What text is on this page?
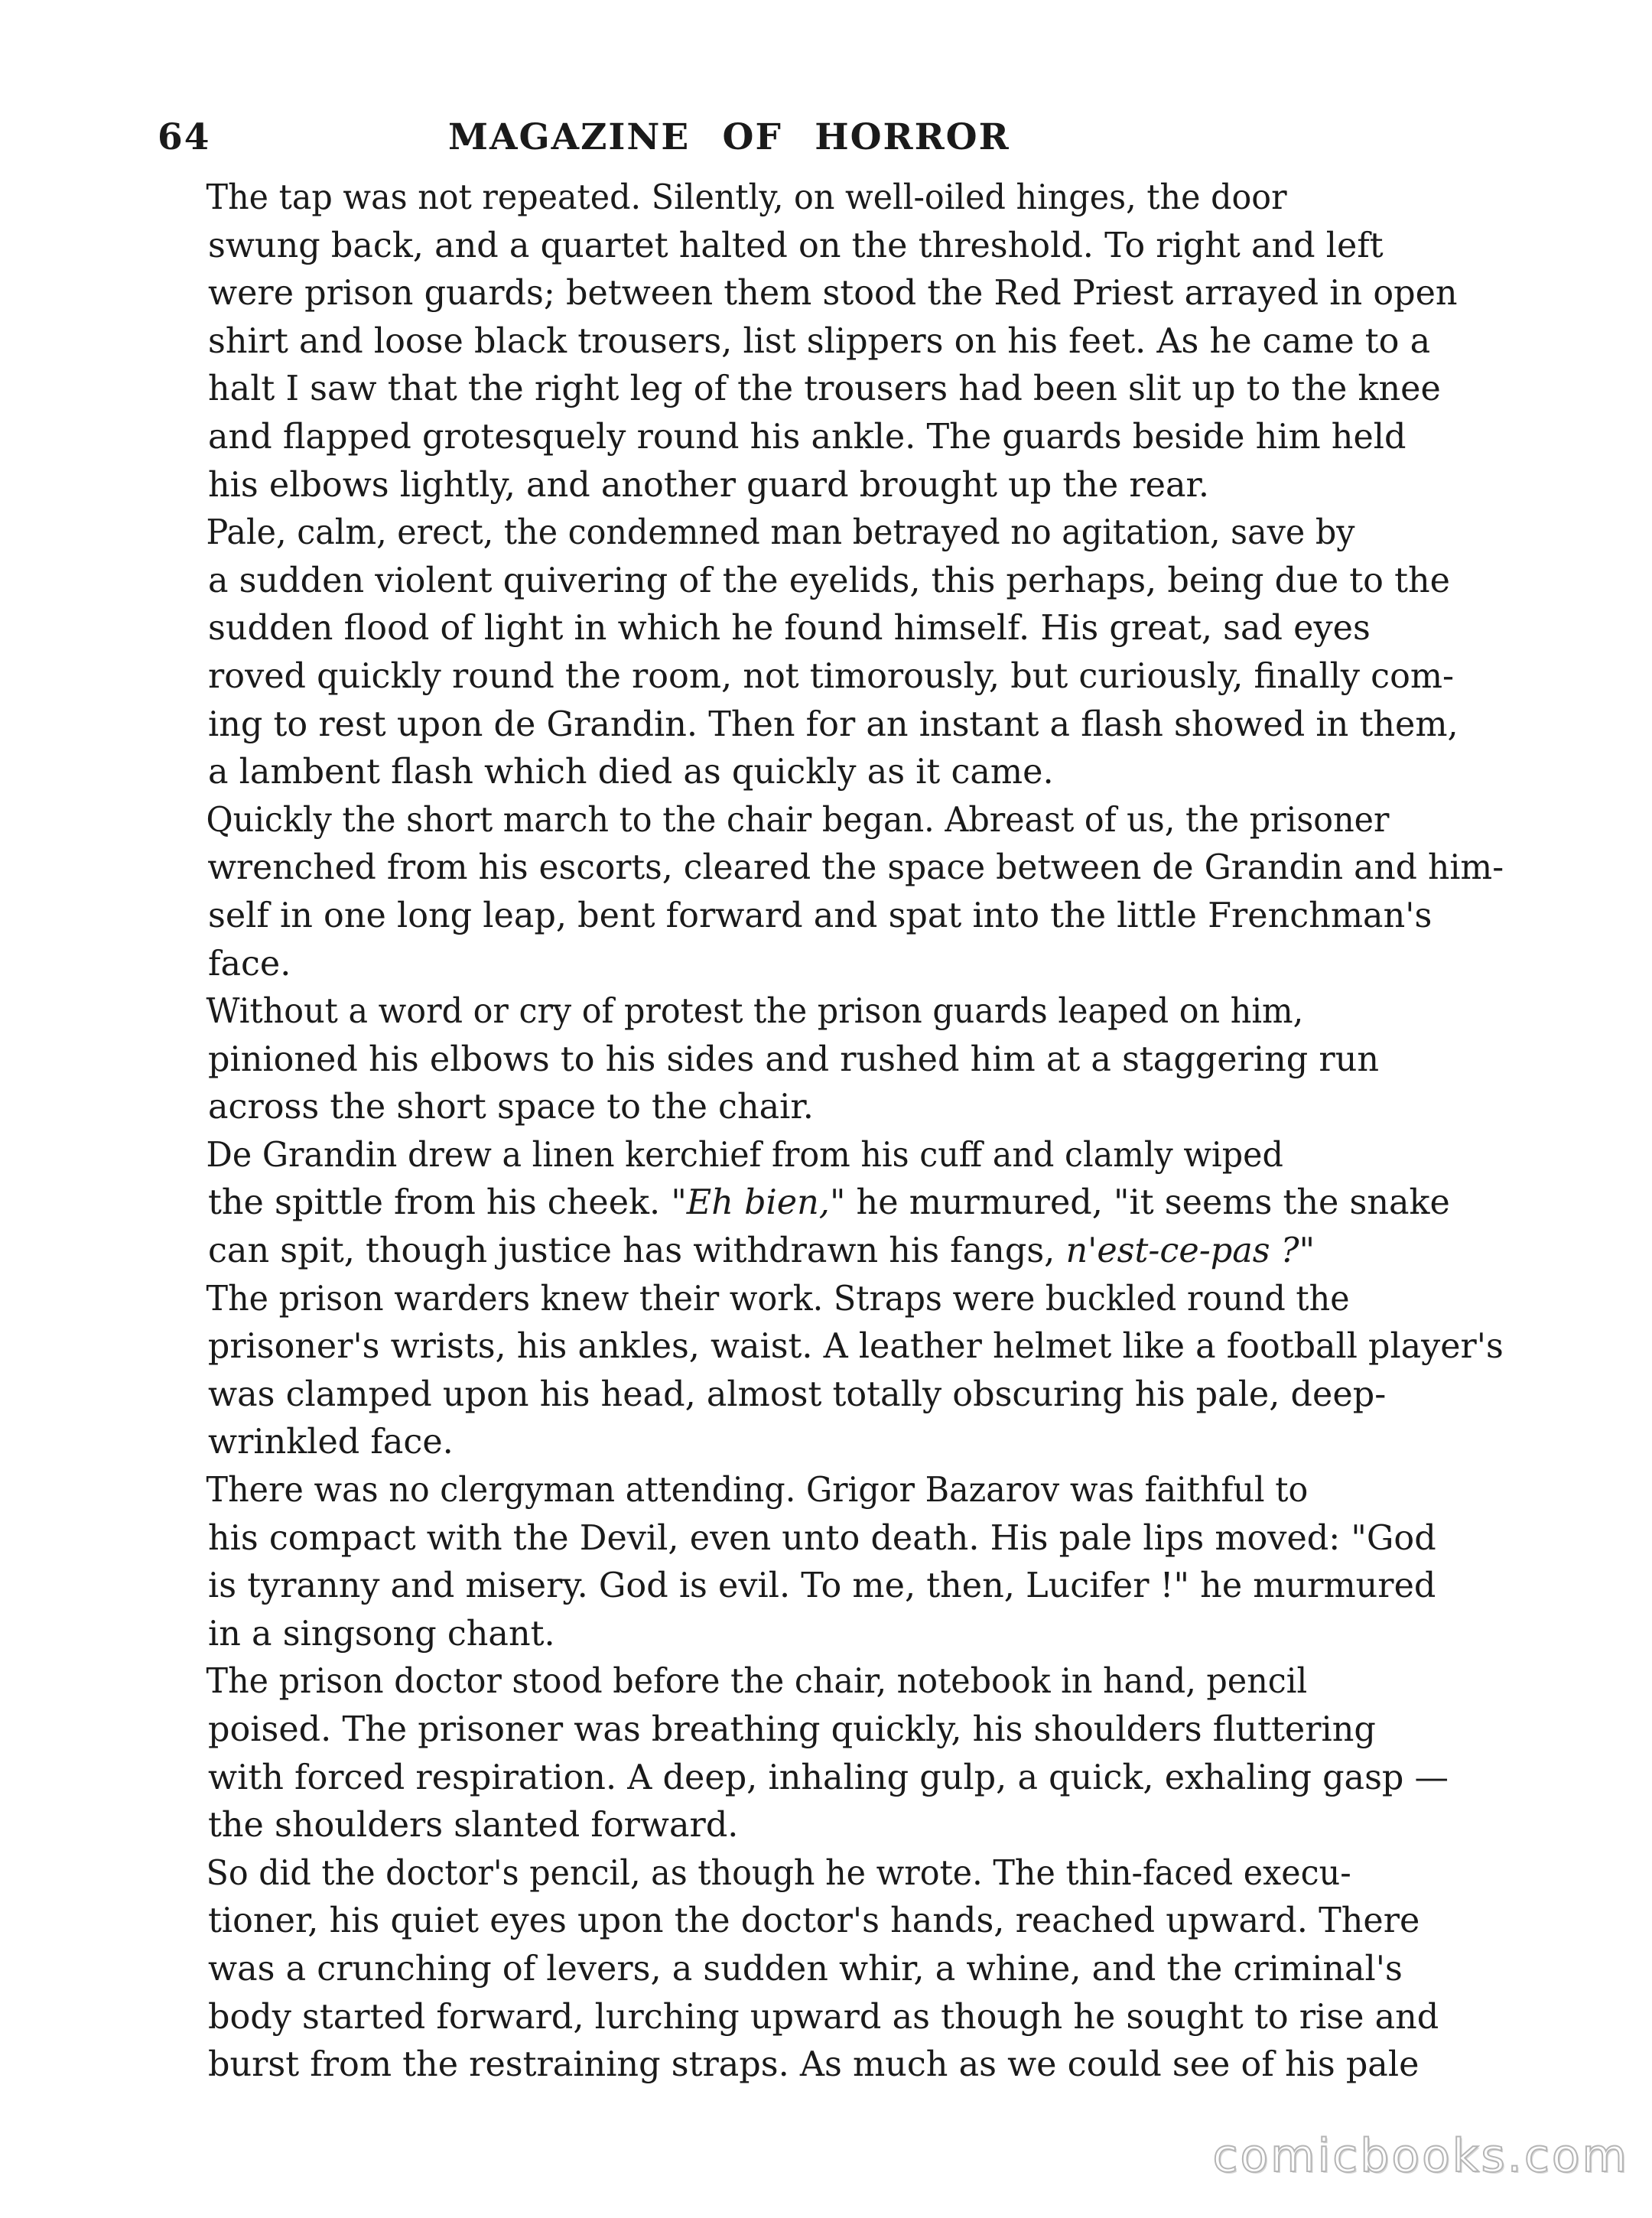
64	MAGAZINE OF HORROR

The tap was not repeated. Silently, on well-oiled hinges, the door
swung back, and a quartet halted on the threshold. To right and left
were prison guards; between them stood the Red Priest arrayed in open
shirt and loose black trousers, list slippers on his feet. As he came to a
halt I saw that the right leg of the trousers had been slit up to the knee
and flapped grotesquely round his ankle. The guards beside him held
his elbows lightly, and another guard brought up the rear.

Pale, calm, erect, the condemned man betrayed no agitation, save by
a sudden violent quivering of the eyelids, this perhaps, being due to the
sudden flood of light in which he found himself. His great, sad eyes
roved quickly round the room, not timorously, but curiously, finally com-
ing to rest upon de Grandin. Then for an instant a flash showed in them,
a lambent flash which died as quickly as it came.

Quickly the short march to the chair began. Abreast of us, the prisoner
wrenched from his escorts, cleared the space between de Grandin and him-
self in one long leap, bent forward and spat into the little Frenchman's
face.

Without a word or cry of protest the prison guards leaped on him,
pinioned his elbows to his sides and rushed him at a staggering run
across the short space to the chair.

De Grandin drew a linen kerchief from his cuff and clamly wiped
the spittle from his cheek. "Eh bien," he murmured, "it seems the snake
can spit, though justice has withdrawn his fangs, n'est-ce-pas ?"

The prison warders knew their work. Straps were buckled round the
prisoner's wrists, his ankles, waist. A leather helmet like a football player's
was clamped upon his head, almost totally obscuring his pale, deep-
wrinkled face.

There was no clergyman attending. Grigor Bazarov was faithful to
his compact with the Devil, even unto death. His pale lips moved: "God
is tyranny and misery. God is evil. To me, then, Lucifer !" he murmured
in a singsong chant.

The prison doctor stood before the chair, notebook in hand, pencil
poised. The prisoner was breathing quickly, his shoulders fluttering
with forced respiration. A deep, inhaling gulp, a quick, exhaling gasp —
the shoulders slanted forward.

So did the doctor's pencil, as though he wrote. The thin-faced execu-
tioner, his quiet eyes upon the doctor's hands, reached upward. There
was a crunching of levers, a sudden whir, a whine, and the criminal's
body started forward, lurching upward as though he sought to rise and
burst from the restraining straps. As much as we could see of his pale

comicbooks.com
